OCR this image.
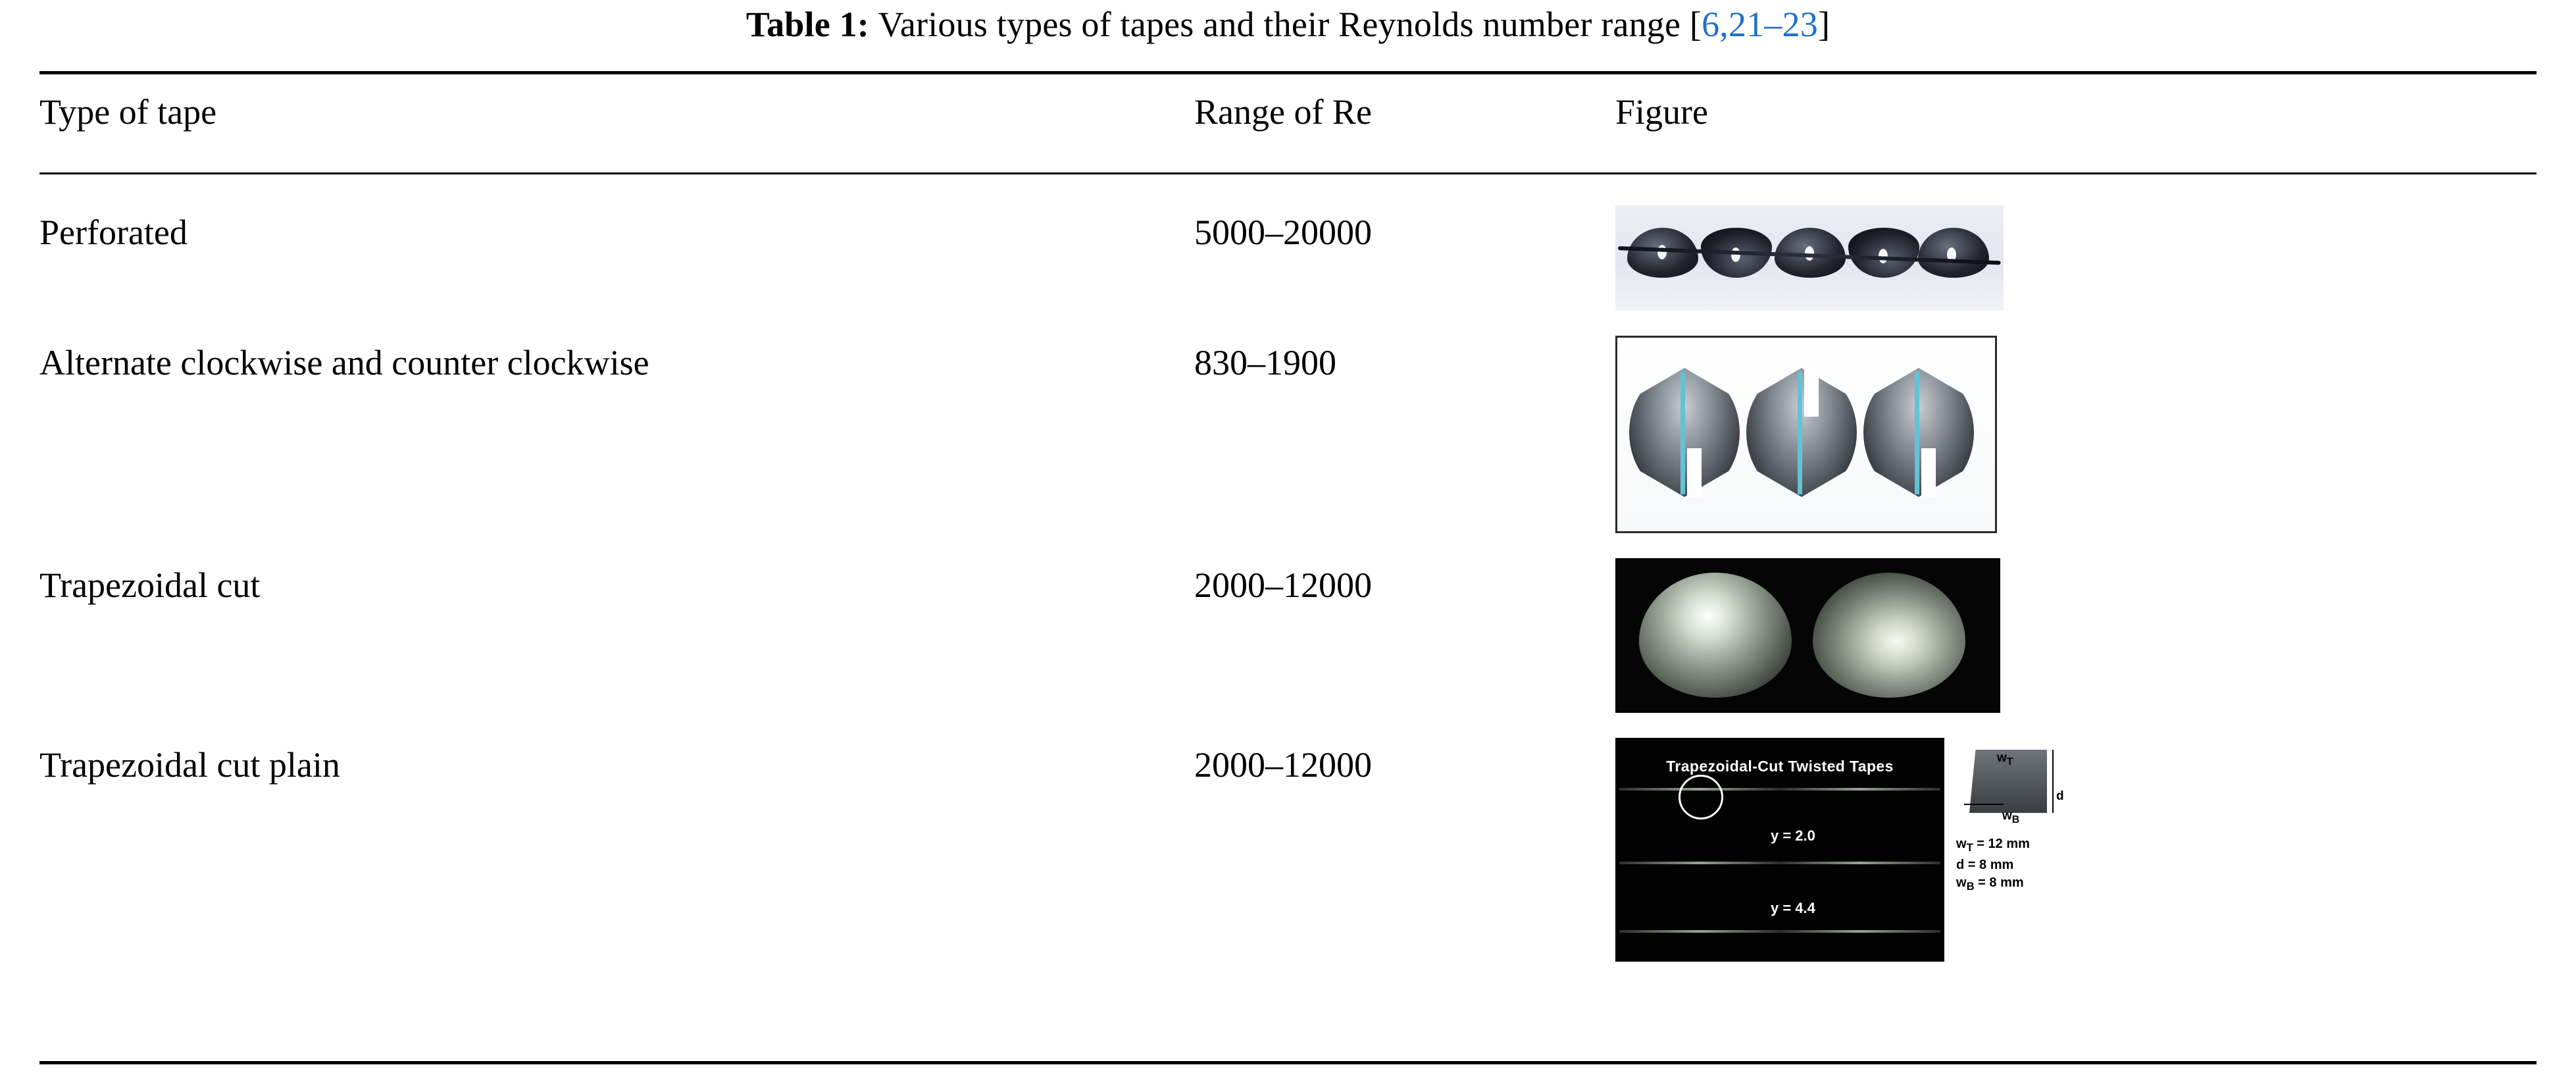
Table 1: Various types of tapes and their Reynolds number range [6,21–23]
Type of tape	Range of Re	Figure
Perforated	5000–20000	

Alternate clockwise and counter clockwise	830–1900	

Trapezoidal cut	2000–12000	

Trapezoidal cut plain	2000–12000	Trapezoidal-Cut Twisted Tapes
y = 2.0
y = 4.4
y = 6.0
$w_T$
$w_B$
d
$w_T = 12$ mm
d = 8 mm
$w_B = 8$ mm
